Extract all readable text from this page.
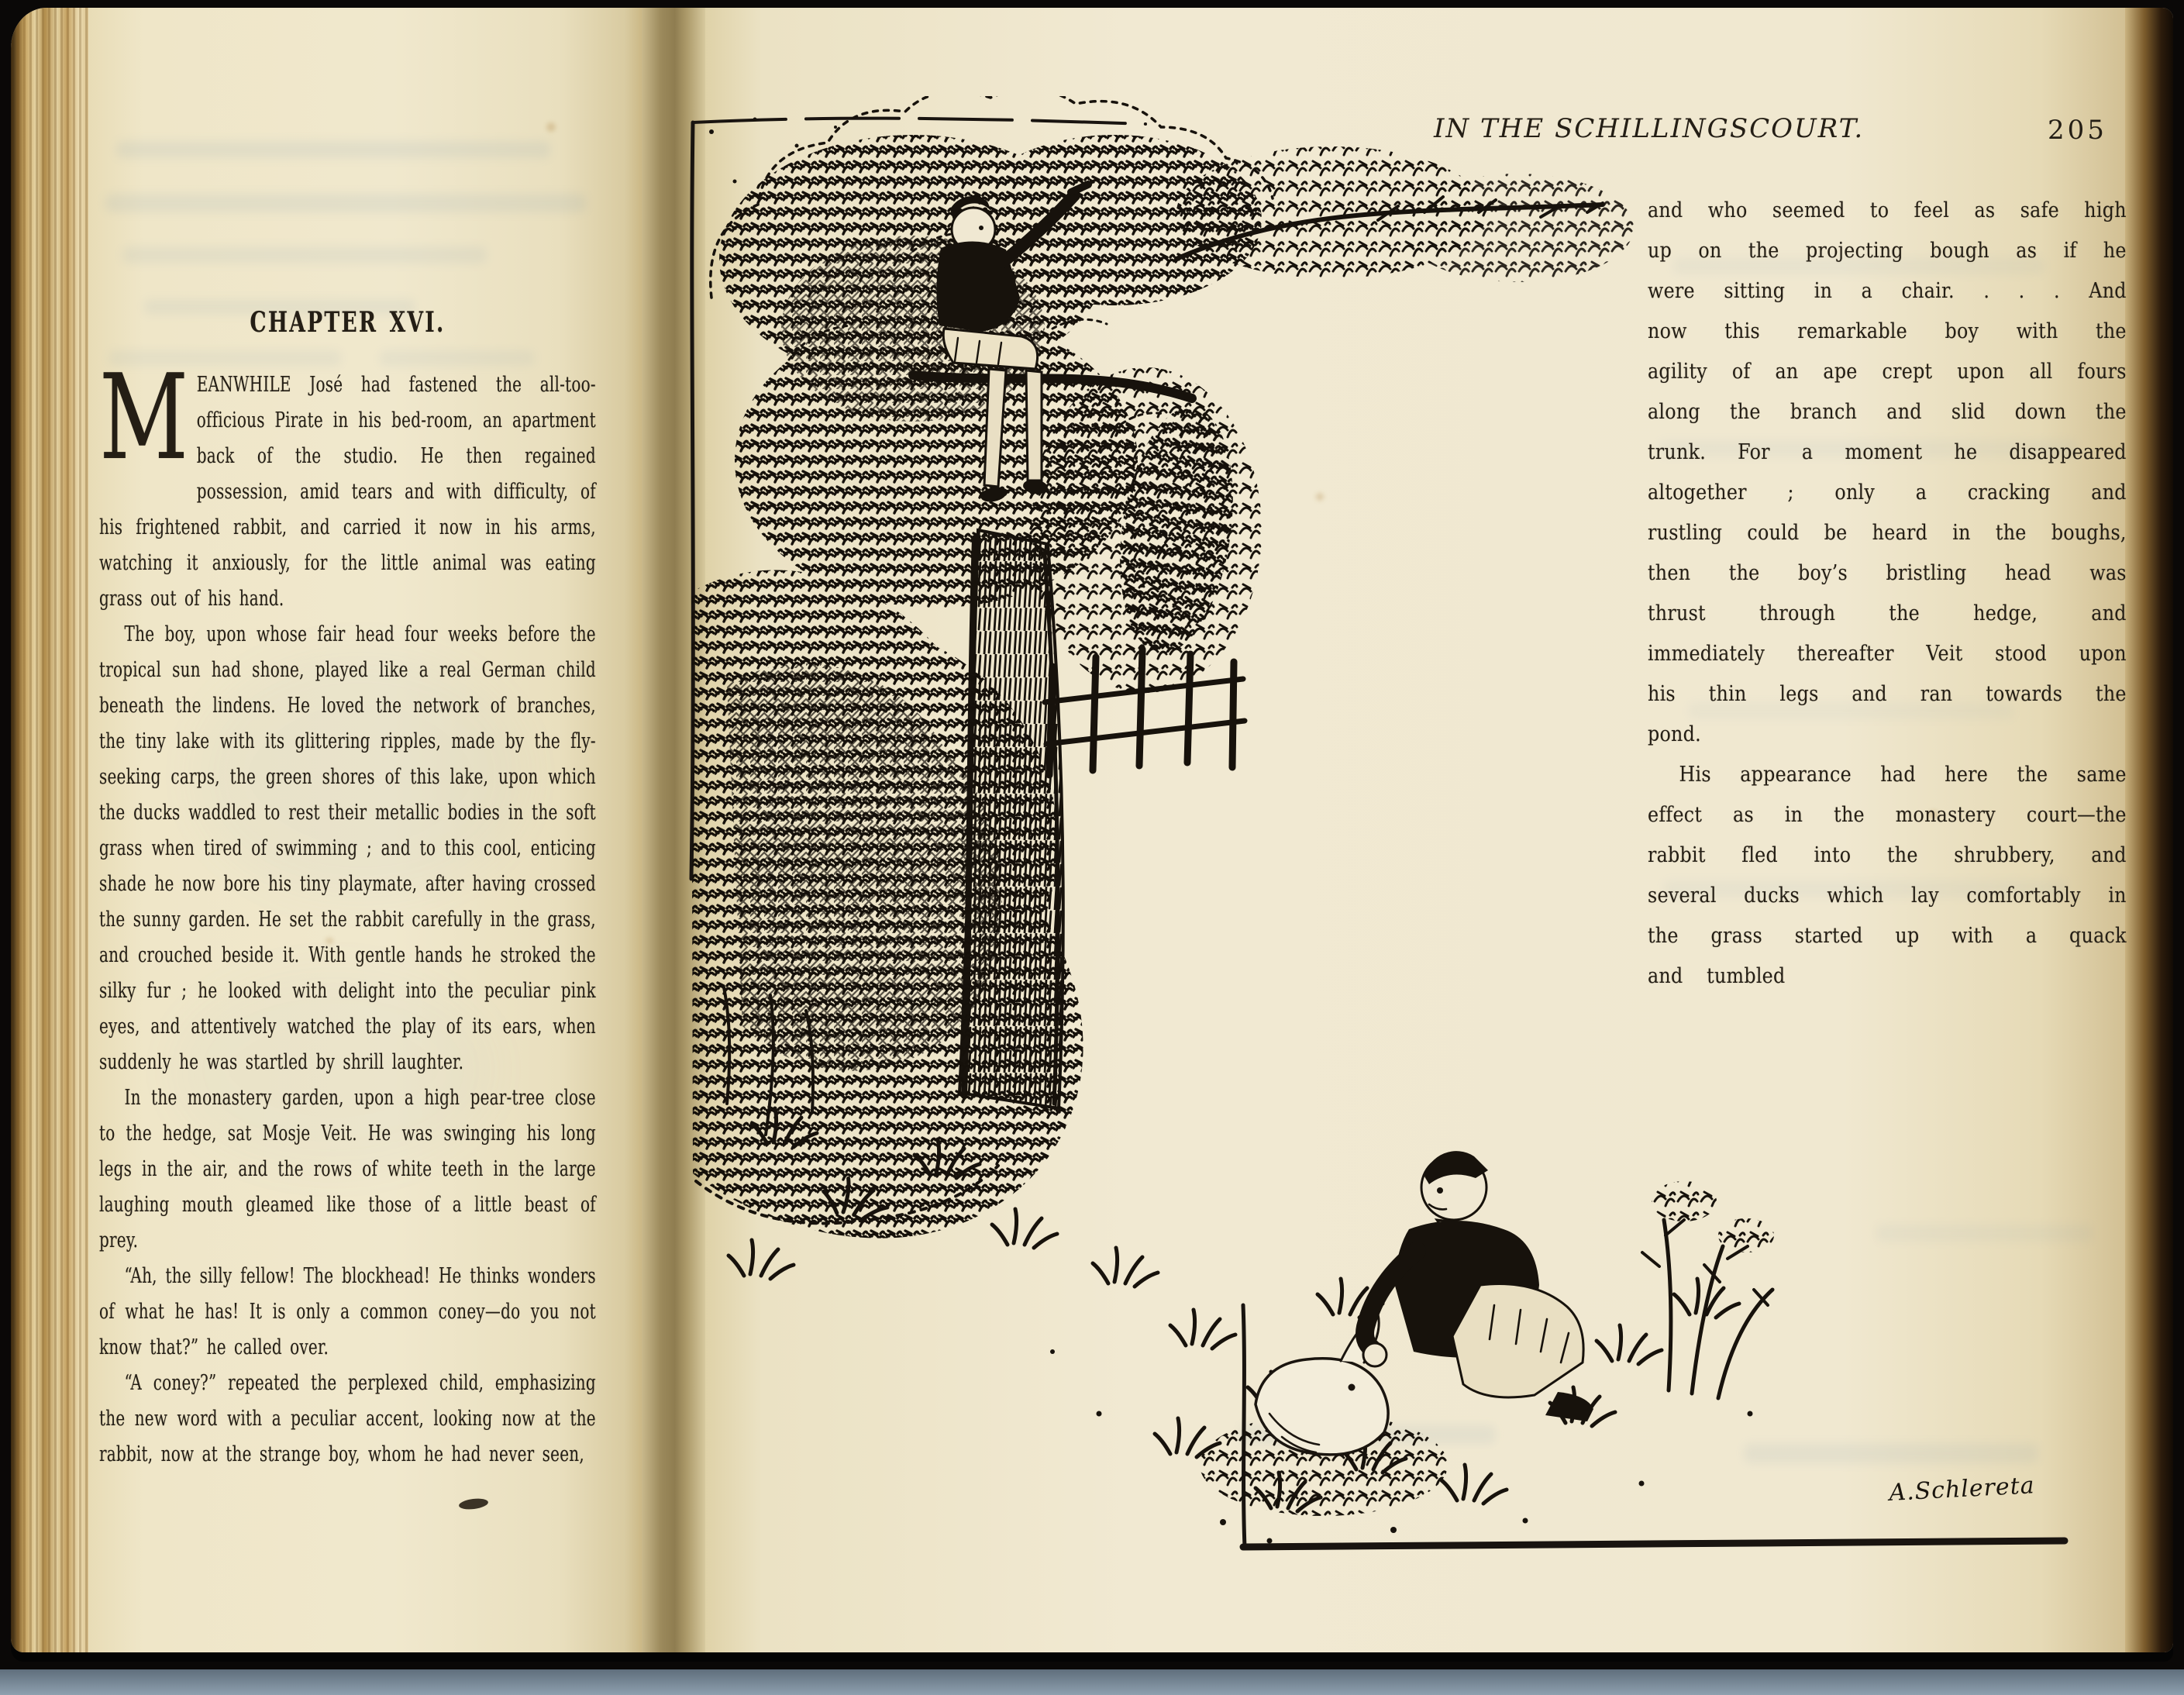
CHAPTER XVI.

MEANWHILE José had fastened the all-too-officious Pirate in his bed-room, an apartment back of the studio. He then regained possession, amid tears and with difficulty, of his frightened rabbit, and carried it now in his arms, watching it anxiously, for the little animal was eating grass out of his hand.

The boy, upon whose fair head four weeks before the tropical sun had shone, played like a real German child beneath the lindens. He loved the network of branches, the tiny lake with its glittering ripples, made by the fly-seeking carps, the green shores of this lake, upon which the ducks waddled to rest their metallic bodies in the soft grass when tired of swimming ; and to this cool, enticing shade he now bore his tiny playmate, after having crossed the sunny garden. He set the rabbit carefully in the grass, and crouched beside it. With gentle hands he stroked the silky fur ; he looked with delight into the peculiar pink eyes, and attentively watched the play of its ears, when suddenly he was startled by shrill laughter.

In the monastery garden, upon a high pear-tree close to the hedge, sat Mosje Veit. He was swinging his long legs in the air, and the rows of white teeth in the large laughing mouth gleamed like those of a little beast of prey.

“Ah, the silly fellow! The blockhead! He thinks wonders of what he has! It is only a common coney—do you not know that?” he called over.

“A coney?” repeated the perplexed child, emphasizing the new word with a peculiar accent, looking now at the rabbit, now at the strange boy, whom he had never seen,

IN THE SCHILLINGSCOURT.	205

and who seemed to feel as safe high up on the projecting bough as if he were sitting in a chair. . . . And now this remarkable boy with the agility of an ape crept upon all fours along the branch and slid down the trunk. For a moment he disappeared altogether ; only a cracking and rustling could be heard in the boughs, then the boy’s bristling head was thrust through the hedge, and immediately thereafter Veit stood upon his thin legs and ran towards the pond.

His appearance had here the same effect as in the monastery court—the rabbit fled into the shrubbery, and several ducks which lay comfortably in the grass started up with a quack and tumbled

A.Schlereta
